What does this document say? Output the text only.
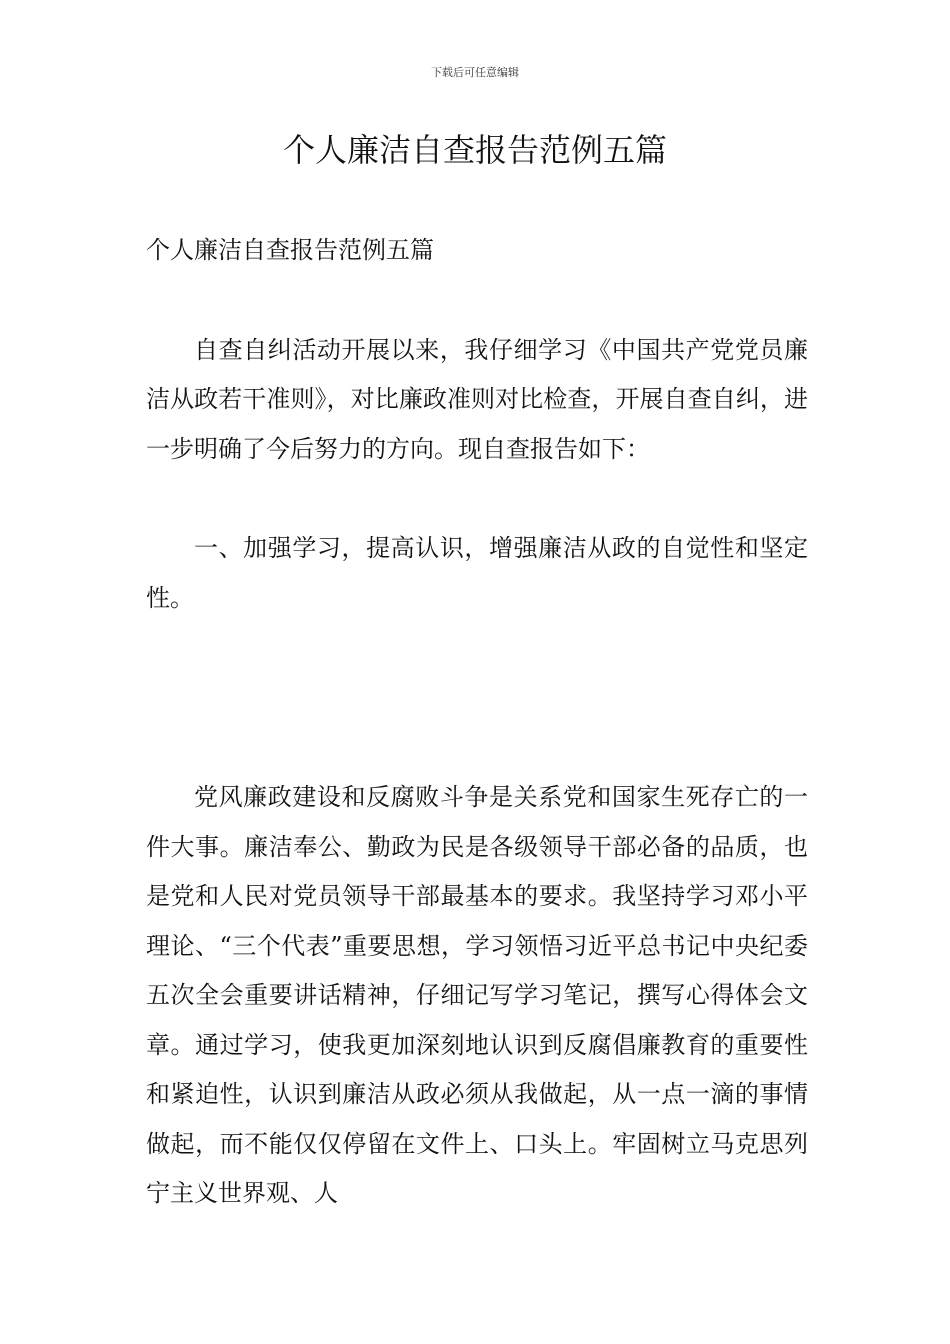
下载后可任意编辑
个人廉洁自查报告范例五篇

个人廉洁自查报告范例五篇

自查自纠活动开展以来，我仔细学习《中国共产党党员廉洁从政若干准则》，对比廉政准则对比检查，开展自查自纠，进一步明确了今后努力的方向。现自查报告如下：

一、加强学习，提高认识，增强廉洁从政的自觉性和坚定性。

党风廉政建设和反腐败斗争是关系党和国家生死存亡的一件大事。廉洁奉公、勤政为民是各级领导干部必备的品质，也是党和人民对党员领导干部最基本的要求。我坚持学习邓小平理论、“三个代表”重要思想，学习领悟习近平总书记中央纪委五次全会重要讲话精神，仔细记写学习笔记，撰写心得体会文章。通过学习，使我更加深刻地认识到反腐倡廉教育的重要性和紧迫性，认识到廉洁从政必须从我做起，从一点一滴的事情做起，而不能仅仅停留在文件上、口头上。牢固树立马克思列宁主义世界观、人
